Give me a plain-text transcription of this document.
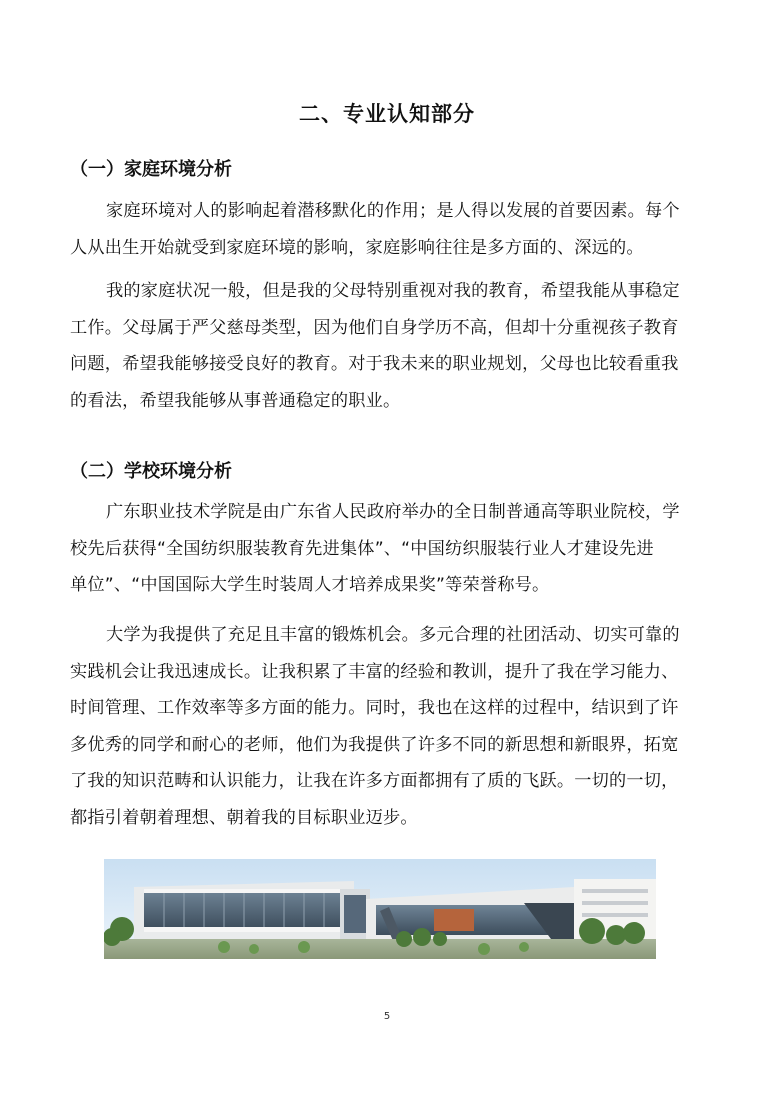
二、专业认知部分
（一）家庭环境分析
家庭环境对人的影响起着潜移默化的作用；是人得以发展的首要因素。每个
人从出生开始就受到家庭环境的影响，家庭影响往往是多方面的、深远的。
我的家庭状况一般，但是我的父母特别重视对我的教育，希望我能从事稳定
工作。父母属于严父慈母类型，因为他们自身学历不高，但却十分重视孩子教育
问题，希望我能够接受良好的教育。对于我未来的职业规划，父母也比较看重我
的看法，希望我能够从事普通稳定的职业。
（二）学校环境分析
广东职业技术学院是由广东省人民政府举办的全日制普通高等职业院校，学
校先后获得“全国纺织服装教育先进集体”、“中国纺织服装行业人才建设先进
单位”、“中国国际大学生时装周人才培养成果奖”等荣誉称号。
大学为我提供了充足且丰富的锻炼机会。多元合理的社团活动、切实可靠的
实践机会让我迅速成长。让我积累了丰富的经验和教训，提升了我在学习能力、
时间管理、工作效率等多方面的能力。同时，我也在这样的过程中，结识到了许
多优秀的同学和耐心的老师，他们为我提供了许多不同的新思想和新眼界，拓宽
了我的知识范畴和认识能力，让我在许多方面都拥有了质的飞跃。一切的一切，
都指引着朝着理想、朝着我的目标职业迈步。
5
